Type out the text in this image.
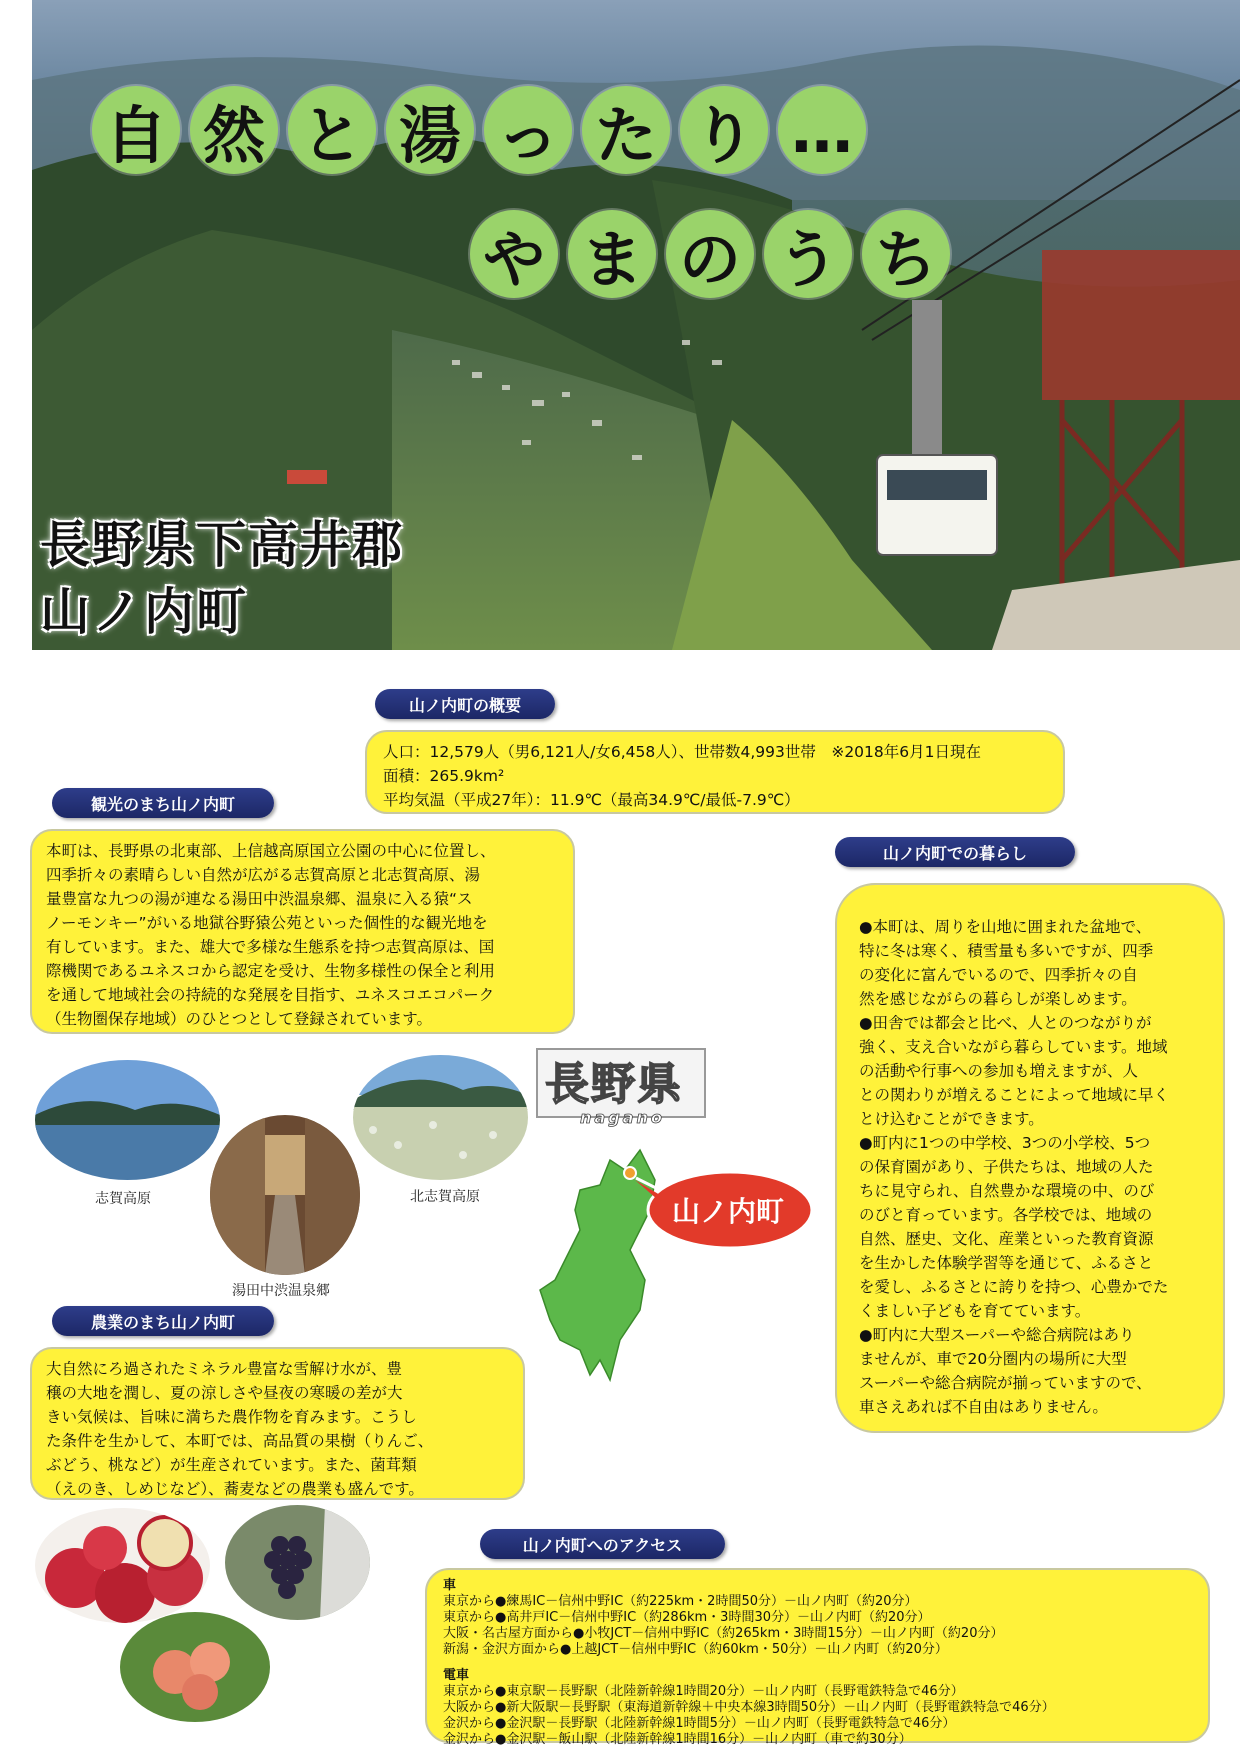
自 然 と 湯 っ た り …
や ま の う ち
長野県下高井郡
山ノ内町
山ノ内町の概要
人口：12,579人（男6,121人/女6,458人）、世帯数4,993世帯　※2018年6月1日現在
面積：265.9km²
平均気温（平成27年）：11.9℃（最高34.9℃/最低-7.9℃）
観光のまち山ノ内町
本町は、長野県の北東部、上信越高原国立公園の中心に位置し、
四季折々の素晴らしい自然が広がる志賀高原と北志賀高原、湯
量豊富な九つの湯が連なる湯田中渋温泉郷、温泉に入る猿“ス
ノーモンキー”がいる地獄谷野猿公苑といった個性的な観光地を
有しています。また、雄大で多様な生態系を持つ志賀高原は、国
際機関であるユネスコから認定を受け、生物多様性の保全と利用
を通して地域社会の持続的な発展を目指す、ユネスコエコパーク
（生物圏保存地域）のひとつとして登録されています。
志賀高原
湯田中渋温泉郷
北志賀高原
長野県
nagano
山ノ内町
山ノ内町での暮らし
●本町は、周りを山地に囲まれた盆地で、
特に冬は寒く、積雪量も多いですが、四季
の変化に富んでいるので、四季折々の自
然を感じながらの暮らしが楽しめます。
●田舎では都会と比べ、人とのつながりが
強く、支え合いながら暮らしています。地域
の活動や行事への参加も増えますが、人
との関わりが増えることによって地域に早く
とけ込むことができます。
●町内に1つの中学校、3つの小学校、5つ
の保育園があり、子供たちは、地域の人た
ちに見守られ、自然豊かな環境の中、のび
のびと育っています。各学校では、地域の
自然、歴史、文化、産業といった教育資源
を生かした体験学習等を通じて、ふるさと
を愛し、ふるさとに誇りを持つ、心豊かでた
くましい子どもを育てています。
●町内に大型スーパーや総合病院はあり
ませんが、車で20分圏内の場所に大型
スーパーや総合病院が揃っていますので、
車さえあれば不自由はありません。
農業のまち山ノ内町
大自然にろ過されたミネラル豊富な雪解け水が、豊
穣の大地を潤し、夏の涼しさや昼夜の寒暖の差が大
きい気候は、旨味に満ちた農作物を育みます。こうし
た条件を生かして、本町では、高品質の果樹（りんご、
ぶどう、桃など）が生産されています。また、菌茸類
（えのき、しめじなど）、蕎麦などの農業も盛んです。
山ノ内町へのアクセス
車
東京から●練馬IC－信州中野IC（約225km・2時間50分）－山ノ内町（約20分）
東京から●高井戸IC－信州中野IC（約286km・3時間30分）－山ノ内町（約20分）
大阪・名古屋方面から●小牧JCT－信州中野IC（約265km・3時間15分）－山ノ内町（約20分）
新潟・金沢方面から●上越JCT－信州中野IC（約60km・50分）－山ノ内町（約20分）
電車
東京から●東京駅－長野駅（北陸新幹線1時間20分）－山ノ内町（長野電鉄特急で46分）
大阪から●新大阪駅－長野駅（東海道新幹線＋中央本線3時間50分）－山ノ内町（長野電鉄特急で46分）
金沢から●金沢駅－長野駅（北陸新幹線1時間5分）－山ノ内町（長野電鉄特急で46分）
金沢から●金沢駅－飯山駅（北陸新幹線1時間16分）－山ノ内町（車で約30分）
